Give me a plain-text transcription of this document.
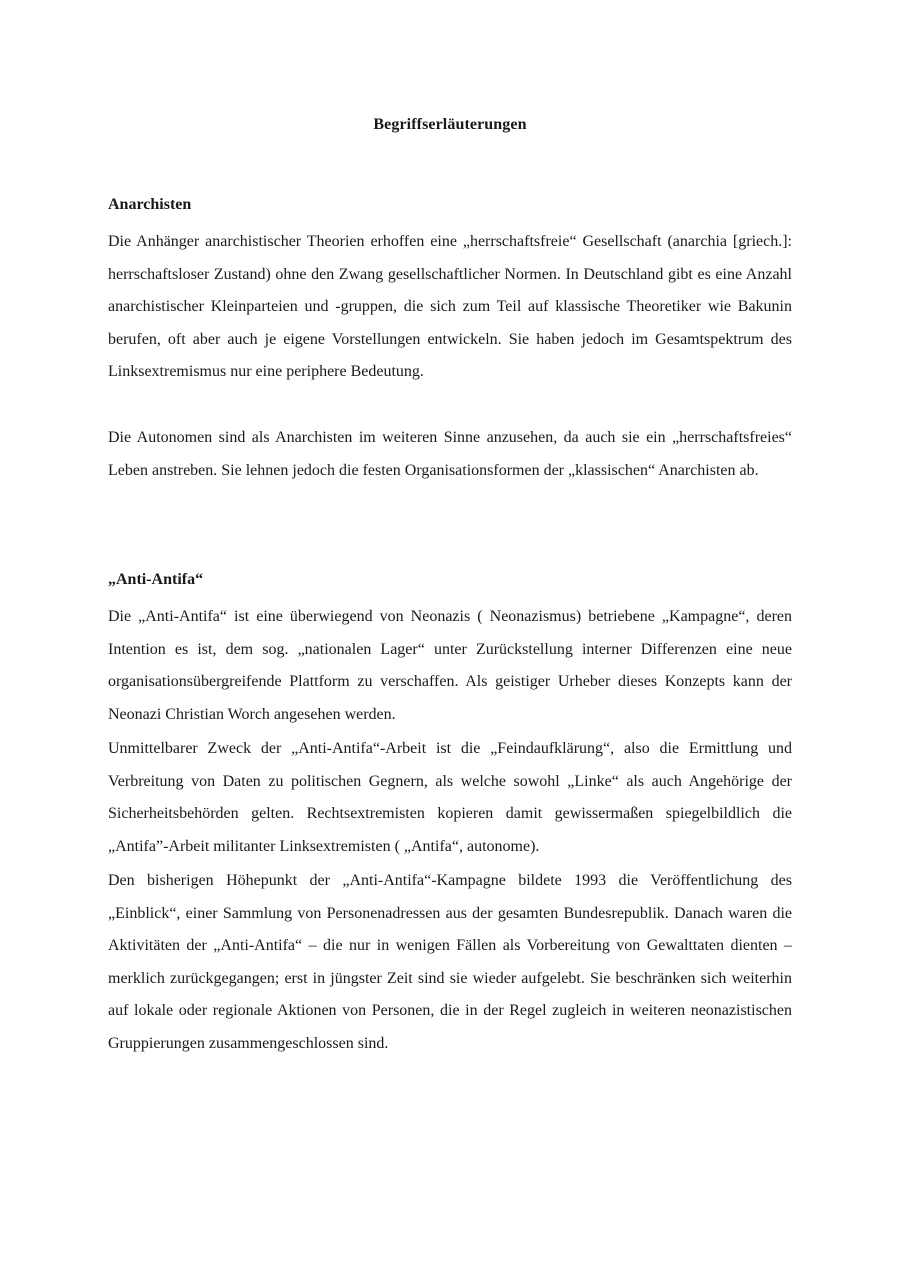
Begriffserläuterungen
Anarchisten

Die Anhänger anarchistischer Theorien erhoffen eine „herrschaftsfreie“ Gesellschaft (anarchia [griech.]: herrschaftsloser Zustand) ohne den Zwang gesellschaftlicher Normen. In Deutschland gibt es eine Anzahl anarchistischer Kleinparteien und -gruppen, die sich zum Teil auf klassische Theoretiker wie Bakunin berufen, oft aber auch je eigene Vorstellungen entwickeln. Sie haben jedoch im Gesamtspektrum des Linksextremismus nur eine periphere Bedeutung.

Die Autonomen sind als Anarchisten im weiteren Sinne anzusehen, da auch sie ein „herrschaftsfreies“ Leben anstreben. Sie lehnen jedoch die festen Organisationsformen der „klassischen“ Anarchisten ab.

„Anti-Antifa“

Die „Anti-Antifa“ ist eine überwiegend von Neonazis ( Neonazismus) betriebene „Kampagne“, deren Intention es ist, dem sog. „nationalen Lager“ unter Zurückstellung interner Differenzen eine neue organisationsübergreifende Plattform zu verschaffen. Als geistiger Urheber dieses Konzepts kann der Neonazi Christian Worch angesehen werden.

Unmittelbarer Zweck der „Anti-Antifa“-Arbeit ist die „Feindaufklärung“, also die Ermittlung und Verbreitung von Daten zu politischen Gegnern, als welche sowohl „Linke“ als auch Angehörige der Sicherheitsbehörden gelten. Rechtsextremisten kopieren damit gewissermaßen spiegelbildlich die „Antifa”-Arbeit militanter Linksextremisten ( „Antifa“, autonome).

Den bisherigen Höhepunkt der „Anti-Antifa“-Kampagne bildete 1993 die Veröffentlichung des „Einblick“, einer Sammlung von Personenadressen aus der gesamten Bundesrepublik. Danach waren die Aktivitäten der „Anti-Antifa“ – die nur in wenigen Fällen als Vorbereitung von Gewalttaten dienten – merklich zurückgegangen; erst in jüngster Zeit sind sie wieder aufgelebt. Sie beschränken sich weiterhin auf lokale oder regionale Aktionen von Personen, die in der Regel zugleich in weiteren neonazistischen Gruppierungen zusammengeschlossen sind.
